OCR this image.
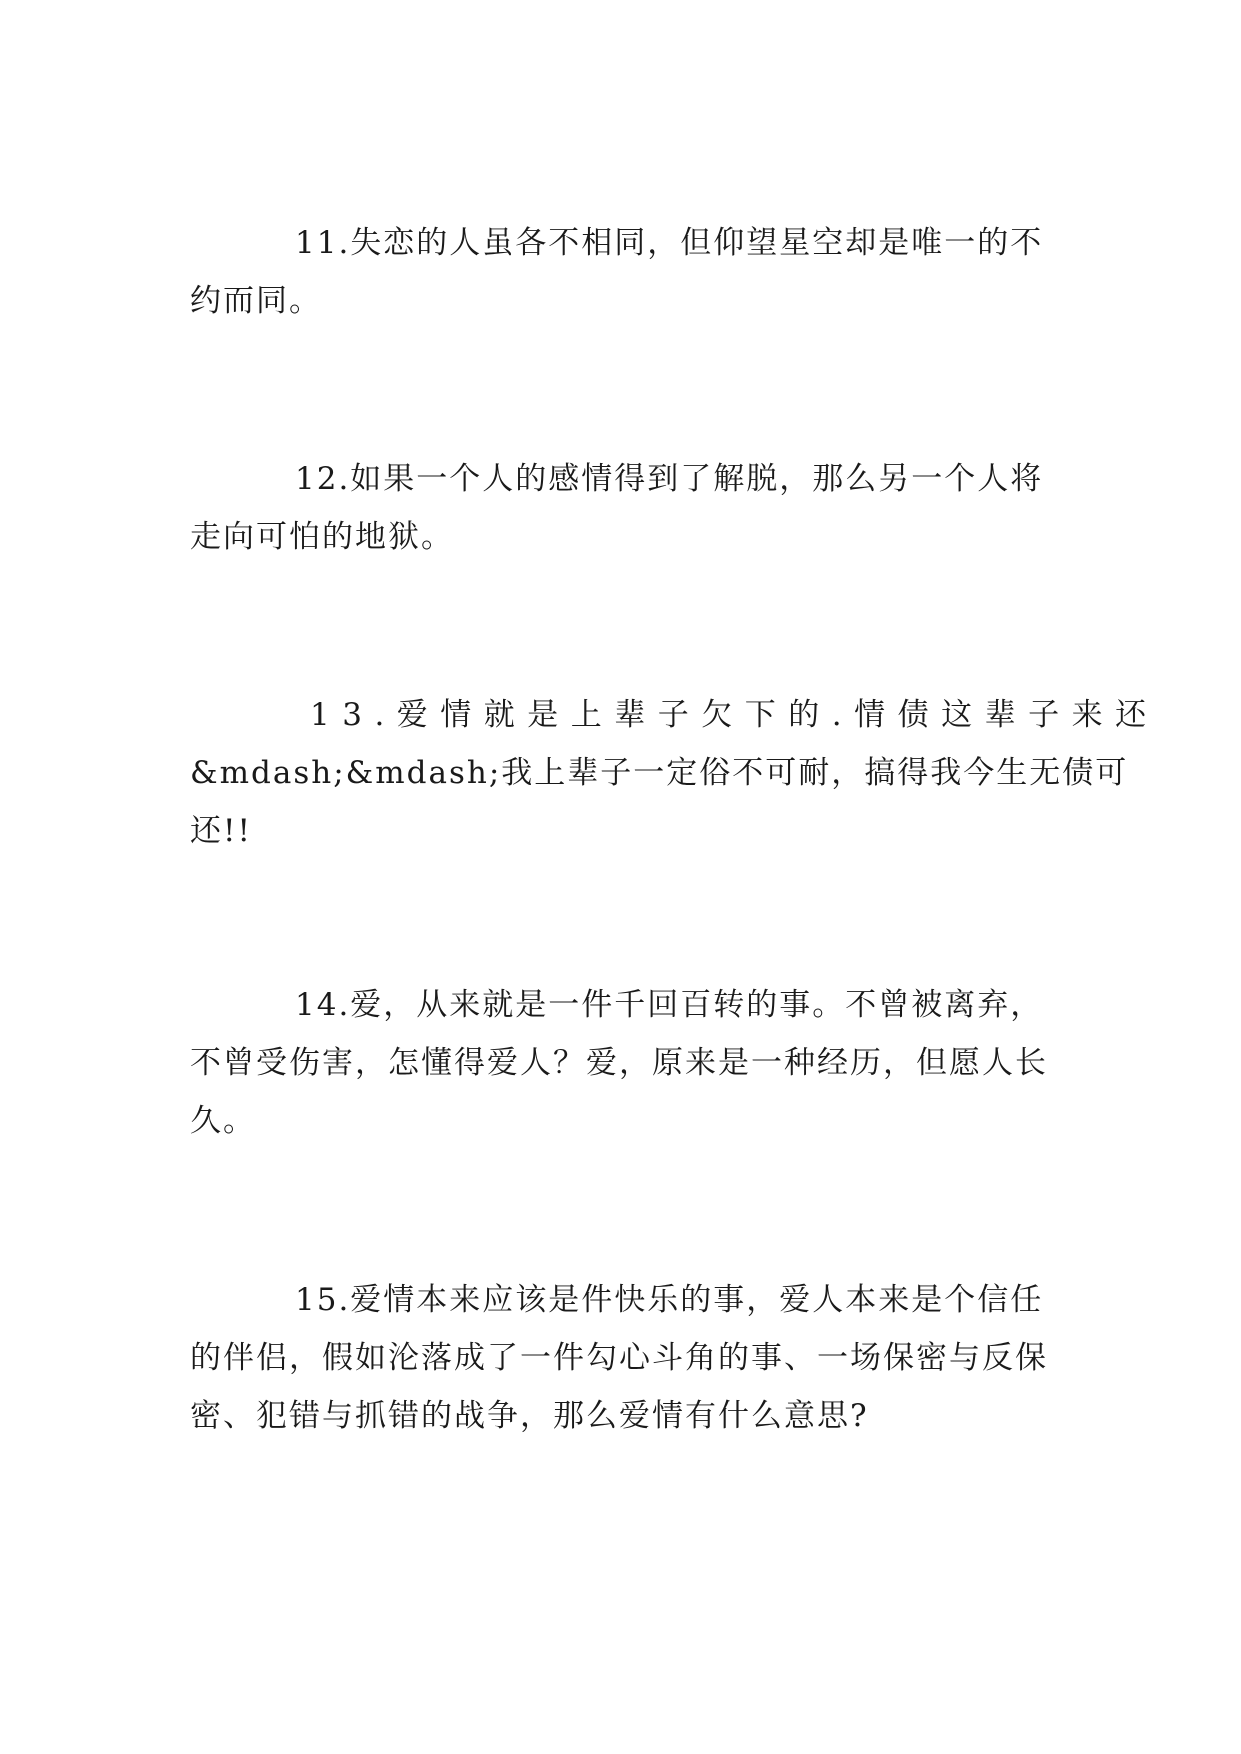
11.失恋的人虽各不相同，但仰望星空却是唯一的不
约而同。
12.如果一个人的感情得到了解脱，那么另一个人将
走向可怕的地狱。
13.爱情就是上辈子欠下的.情债这辈子来还
&mdash;&mdash;我上辈子一定俗不可耐，搞得我今生无债可
还!!
14.爱，从来就是一件千回百转的事。不曾被离弃，
不曾受伤害，怎懂得爱人？爱，原来是一种经历，但愿人长
久。
15.爱情本来应该是件快乐的事，爱人本来是个信任
的伴侣，假如沦落成了一件勾心斗角的事、一场保密与反保
密、犯错与抓错的战争，那么爱情有什么意思?
